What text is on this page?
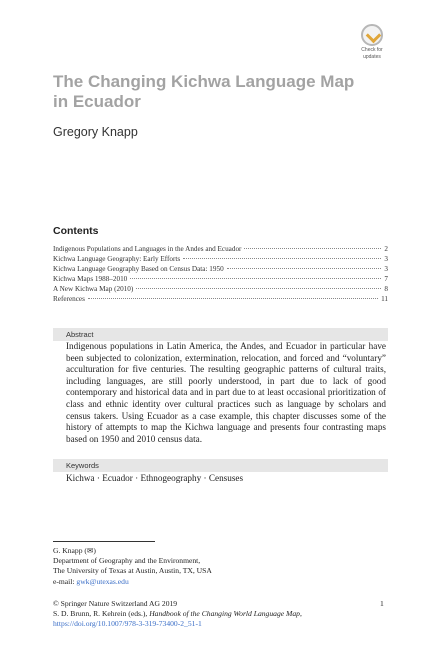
Check for
updates
The Changing Kichwa Language Map
in Ecuador
Gregory Knapp
Contents
Indigenous Populations and Languages in the Andes and Ecuador	2
Kichwa Language Geography: Early Efforts	3
Kichwa Language Geography Based on Census Data: 1950	3
Kichwa Maps 1988–2010	7
A New Kichwa Map (2010)	8
References	11
Abstract

Indigenous populations in Latin America, the Andes, and Ecuador in particular have been subjected to colonization, extermination, relocation, and forced and “voluntary” acculturation for five centuries. The resulting geographic patterns of cultural traits, including languages, are still poorly understood, in part due to lack of good contemporary and historical data and in part due to at least occasional prioritization of class and ethnic identity over cultural practices such as language by scholars and census takers. Using Ecuador as a case example, this chapter discusses some of the history of attempts to map the Kichwa language and presents four contrasting maps based on 1950 and 2010 census data.

Keywords
Kichwa · Ecuador · Ethnogeography · Censuses
G. Knapp (✉)
Department of Geography and the Environment,
The University of Texas at Austin, Austin, TX, USA
e-mail: gwk@utexas.edu
© Springer Nature Switzerland AG 2019
S. D. Brunn, R. Kehrein (eds.), Handbook of the Changing World Language Map,
https://doi.org/10.1007/978-3-319-73400-2_51-1
1
